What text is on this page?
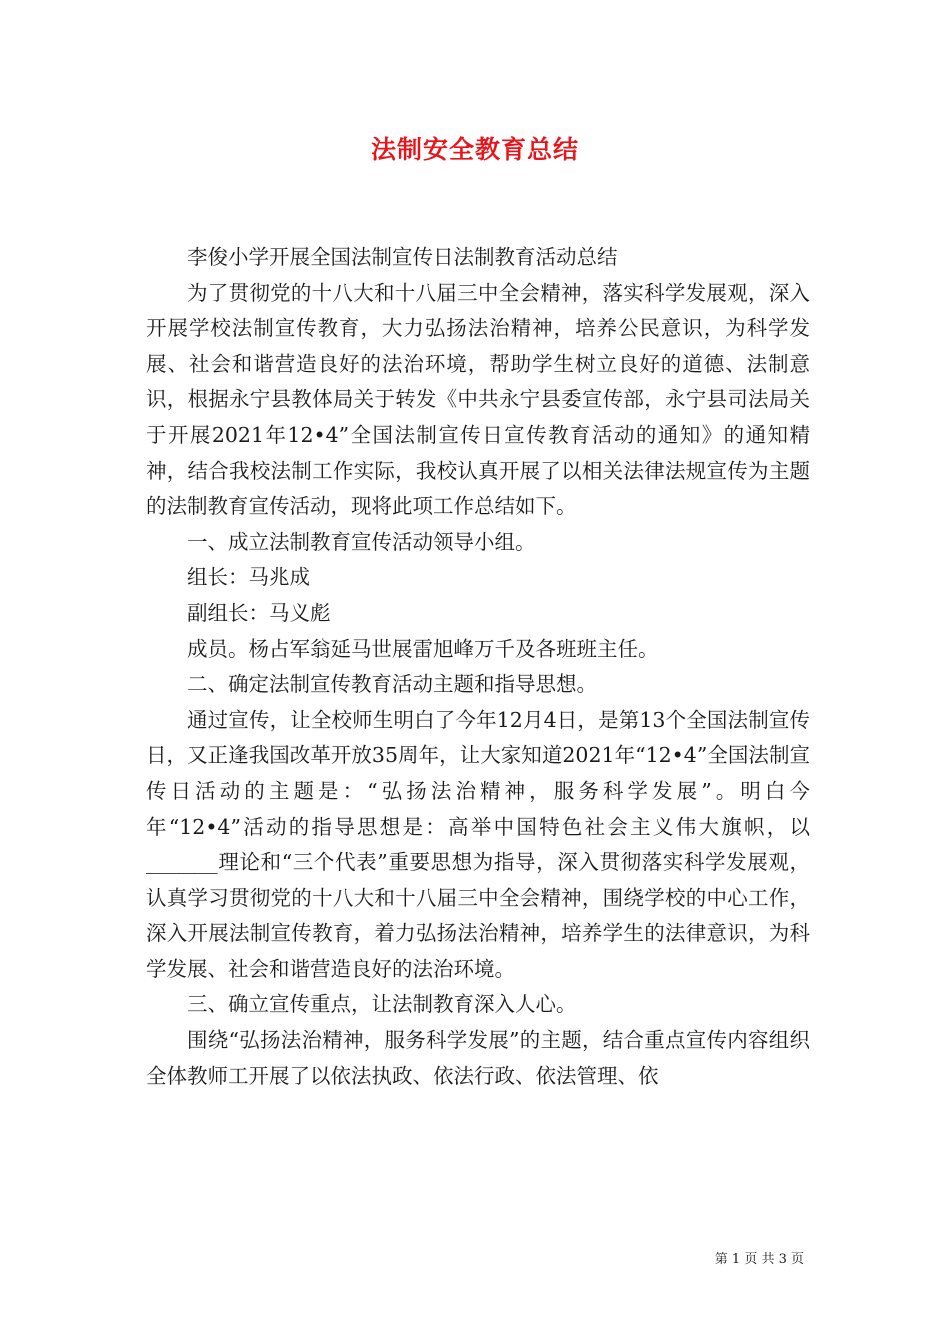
法制安全教育总结

李俊小学开展全国法制宣传日法制教育活动总结

为了贯彻党的十八大和十八届三中全会精神，落实科学发展观，深入开展学校法制宣传教育，大力弘扬法治精神，培养公民意识，为科学发展、社会和谐营造良好的法治环境，帮助学生树立良好的道德、法制意识，根据永宁县教体局关于转发《中共永宁县委宣传部，永宁县司法局关于开展2021年12•4”全国法制宣传日宣传教育活动的通知》的通知精神，结合我校法制工作实际，我校认真开展了以相关法律法规宣传为主题的法制教育宣传活动，现将此项工作总结如下。

一、成立法制教育宣传活动领导小组。

组长：马兆成

副组长：马义彪

成员。杨占军翁延马世展雷旭峰万千及各班班主任。

二、确定法制宣传教育活动主题和指导思想。

通过宣传，让全校师生明白了今年12月4日，是第13个全国法制宣传日，又正逢我国改革开放35周年，让大家知道2021年“12•4”全国法制宣传日活动的主题是：“弘扬法治精神，服务科学发展”。明白今年“12•4”活动的指导思想是：高举中国特色社会主义伟大旗帜，以_______理论和“三个代表”重要思想为指导，深入贯彻落实科学发展观，认真学习贯彻党的十八大和十八届三中全会精神，围绕学校的中心工作，深入开展法制宣传教育，着力弘扬法治精神，培养学生的法律意识，为科学发展、社会和谐营造良好的法治环境。

三、确立宣传重点，让法制教育深入人心。

围绕“弘扬法治精神，服务科学发展”的主题，结合重点宣传内容组织全体教师工开展了以依法执政、依法行政、依法管理、依

第 1 页 共 3 页
